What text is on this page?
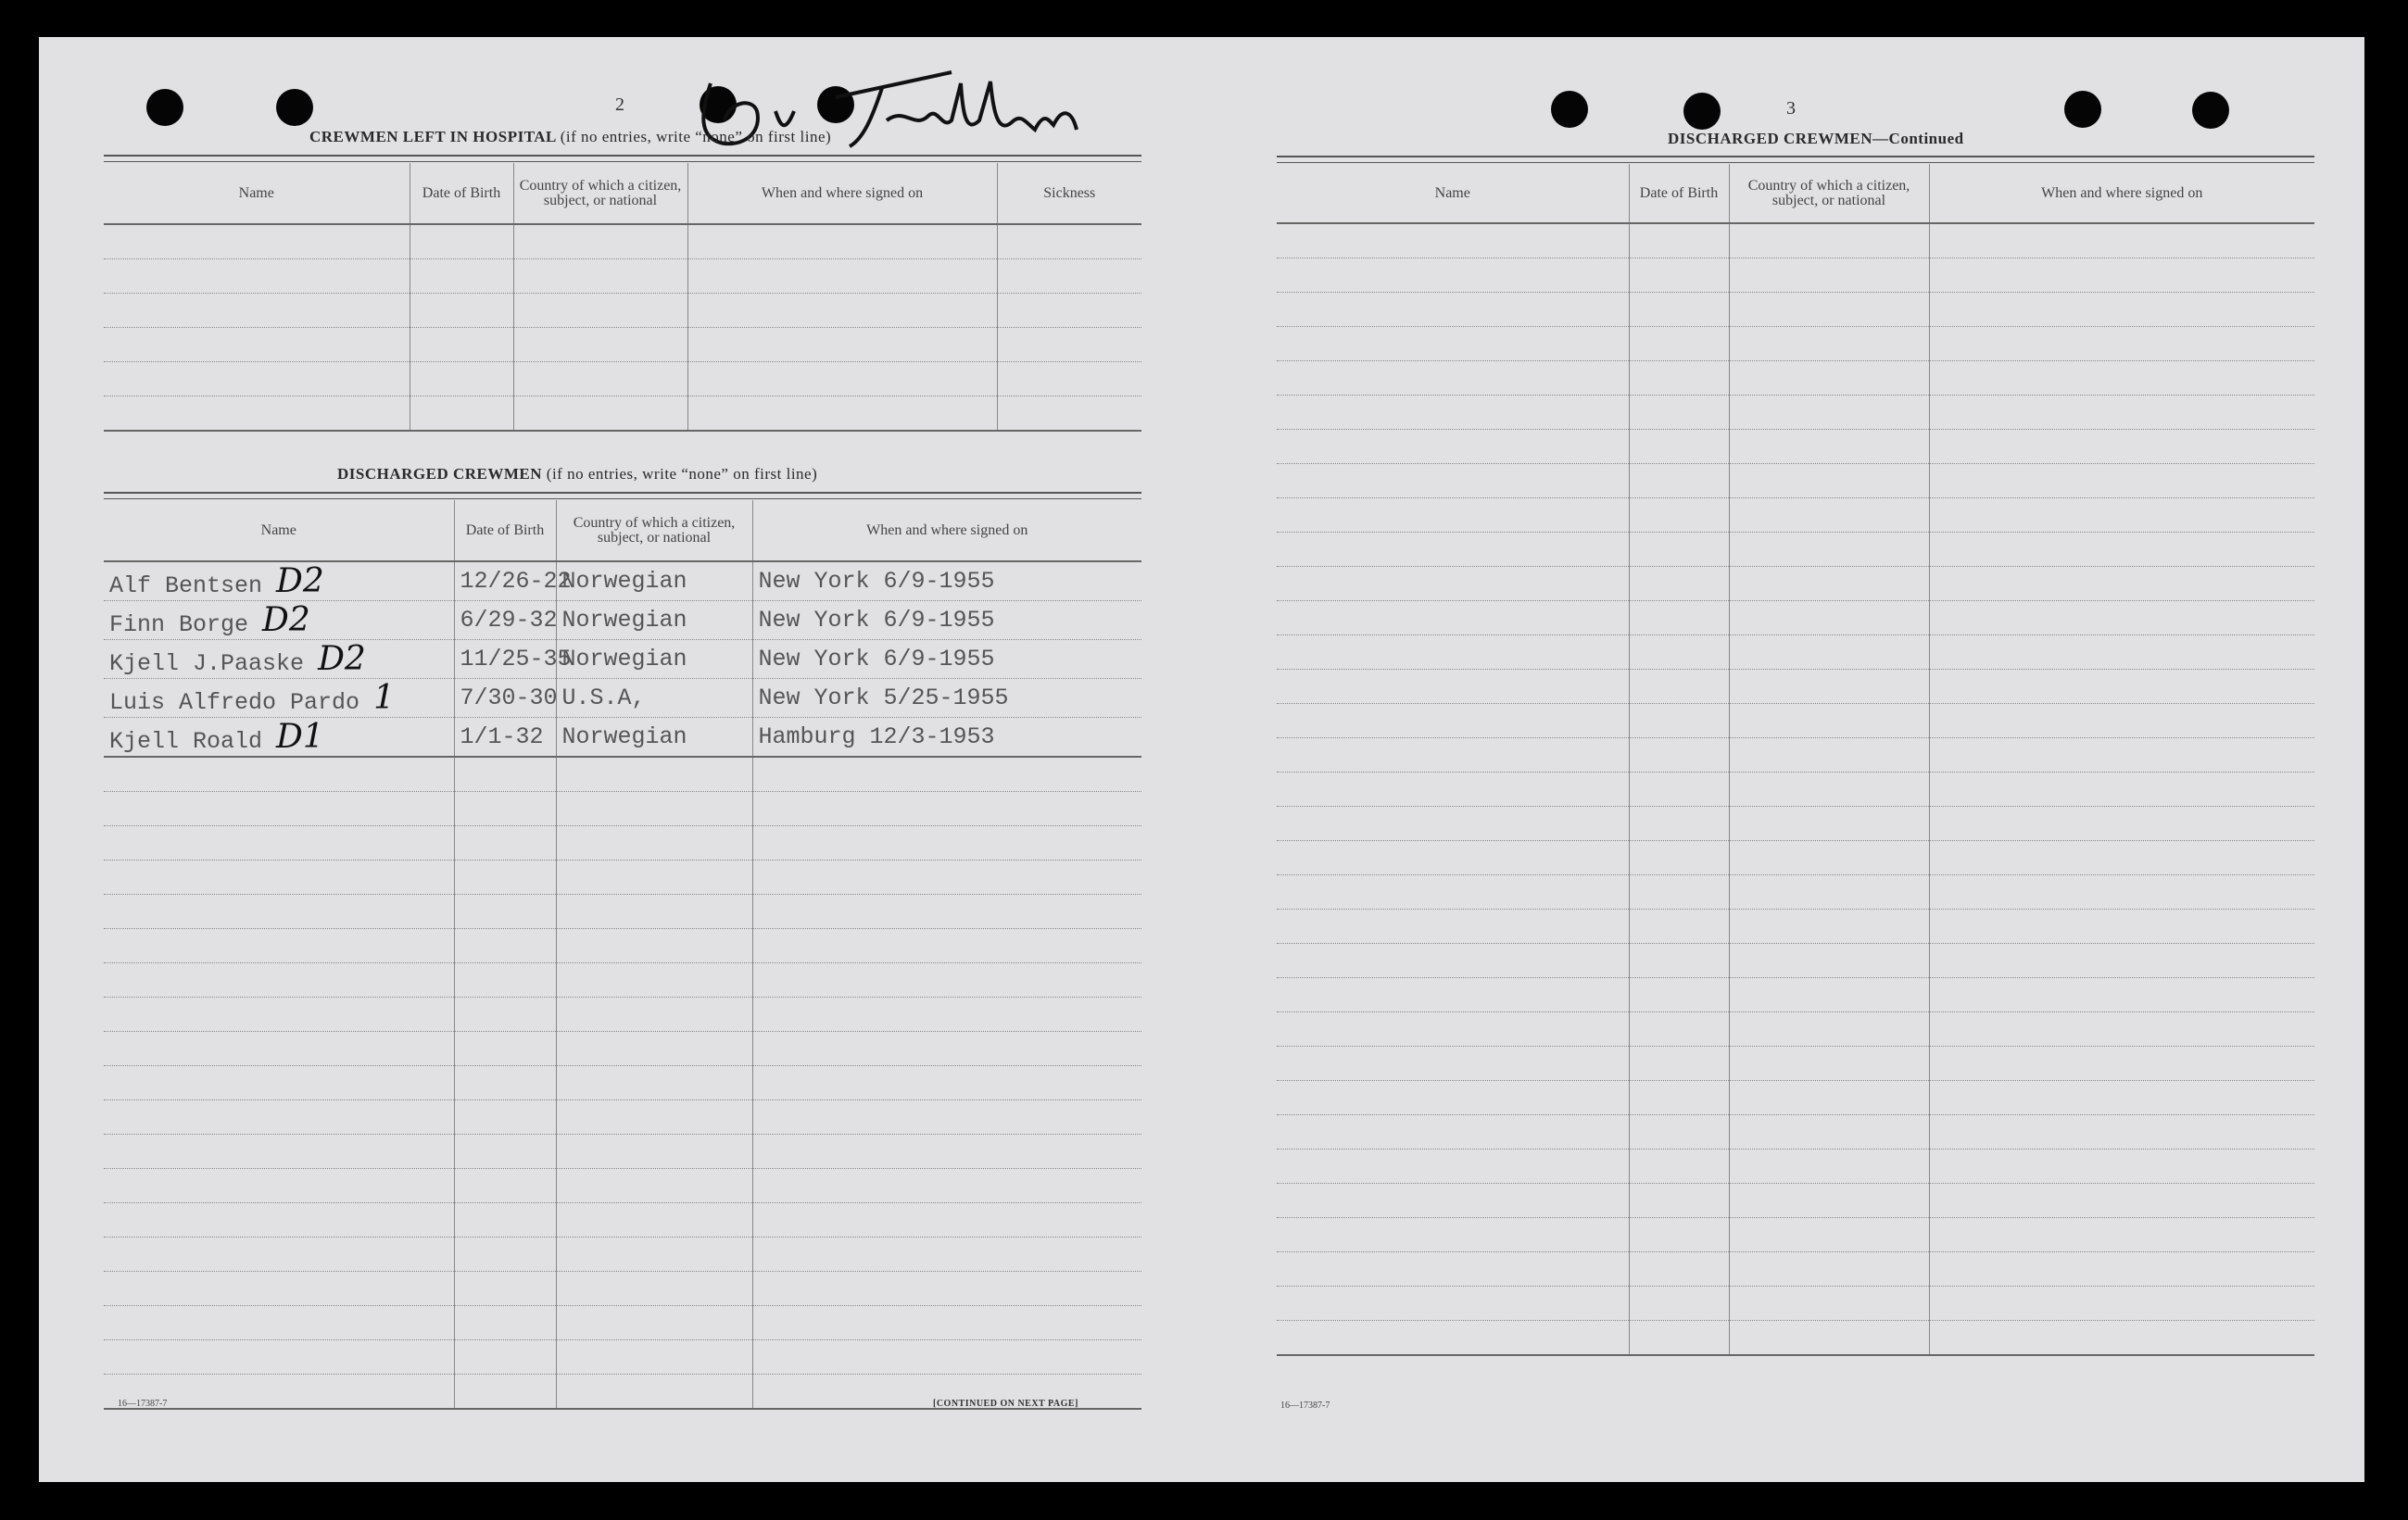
2
CREWMEN LEFT IN HOSPITAL (if no entries, write “none” on first line)
Name	Date of Birth	Country of which a citizen, subject, or national	When and where signed on	Sickness

DISCHARGED CREWMEN (if no entries, write “none” on first line)
Name	Date of Birth	Country of which a citizen, subject, or national	When and where signed on
Alf Bentsen D2	12/26-22	Norwegian	New York 6/9-1955
Finn Borge D2	6/29-32	Norwegian	New York 6/9-1955
Kjell J.Paaske D2	11/25-35	Norwegian	New York 6/9-1955
Luis Alfredo Pardo 1	7/30-30	U.S.A,	New York 5/25-1955
Kjell Roald D1	1/1-32	Norwegian	Hamburg 12/3-1953

16—17387-7	[CONTINUED ON NEXT PAGE]
3
DISCHARGED CREWMEN—Continued
Name	Date of Birth	Country of which a citizen, subject, or national	When and where signed on

16—17387-7
